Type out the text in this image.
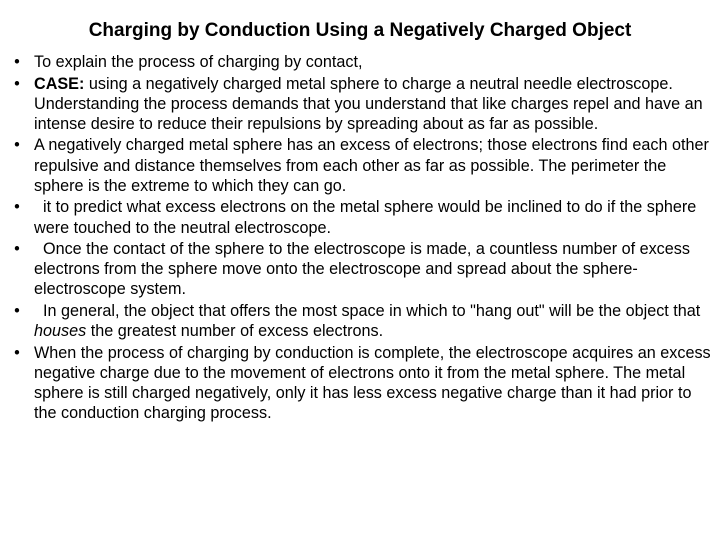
Charging by Conduction Using a Negatively Charged Object
• To explain the process of charging by contact,
• CASE: using a negatively charged metal sphere to charge a neutral needle electroscope. Understanding the process demands that you understand that like charges repel and have an intense desire to reduce their repulsions by spreading about as far as possible.
• A negatively charged metal sphere has an excess of electrons; those electrons find each other repulsive and distance themselves from each other as far as possible. The perimeter the sphere is the extreme to which they can go.
• it to predict what excess electrons on the metal sphere would be inclined to do if the sphere were touched to the neutral electroscope.
• Once the contact of the sphere to the electroscope is made, a countless number of excess electrons from the sphere move onto the electroscope and spread about the sphere-electroscope system.
• In general, the object that offers the most space in which to "hang out" will be the object that houses the greatest number of excess electrons.
• When the process of charging by conduction is complete, the electroscope acquires an excess negative charge due to the movement of electrons onto it from the metal sphere. The metal sphere is still charged negatively, only it has less excess negative charge than it had prior to the conduction charging process.
